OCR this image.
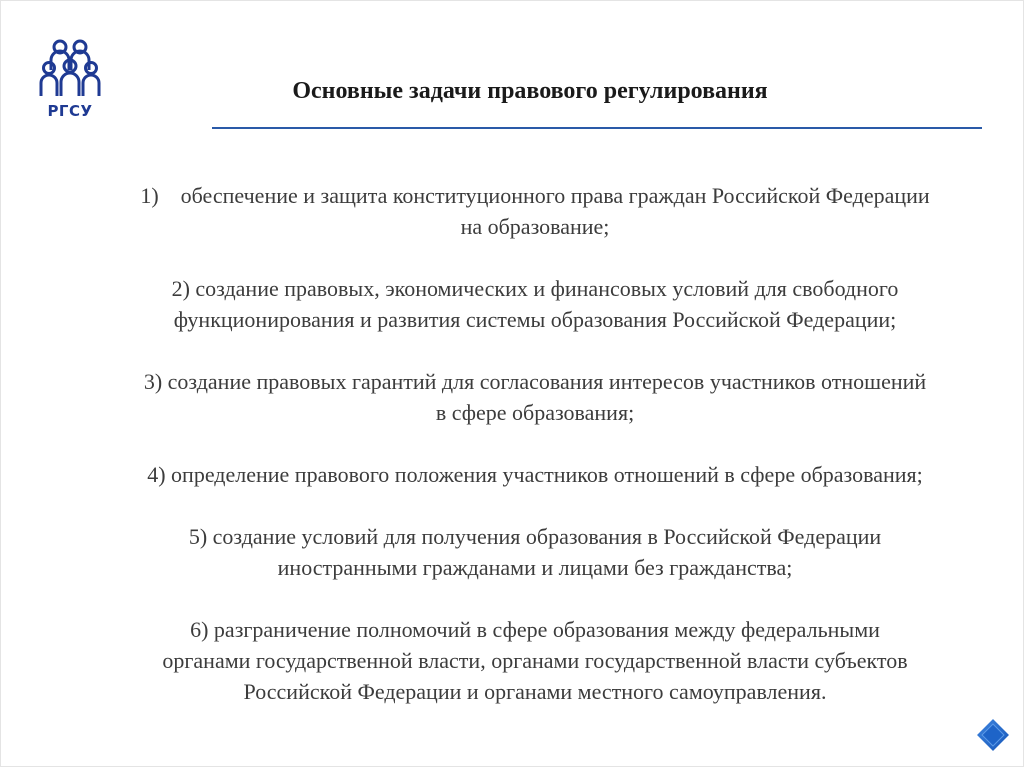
РГСУ
Основные задачи правового регулирования
1) обеспечение и защита конституционного права граждан Российской Федерации
на образование;
2) создание правовых, экономических и финансовых условий для свободного
функционирования и развития системы образования Российской Федерации;
3) создание правовых гарантий для согласования интересов участников отношений
в сфере образования;
4) определение правового положения участников отношений в сфере образования;
5) создание условий для получения образования в Российской Федерации
иностранными гражданами и лицами без гражданства;
6) разграничение полномочий в сфере образования между федеральными
органами государственной власти, органами государственной власти субъектов
Российской Федерации и органами местного самоуправления.
